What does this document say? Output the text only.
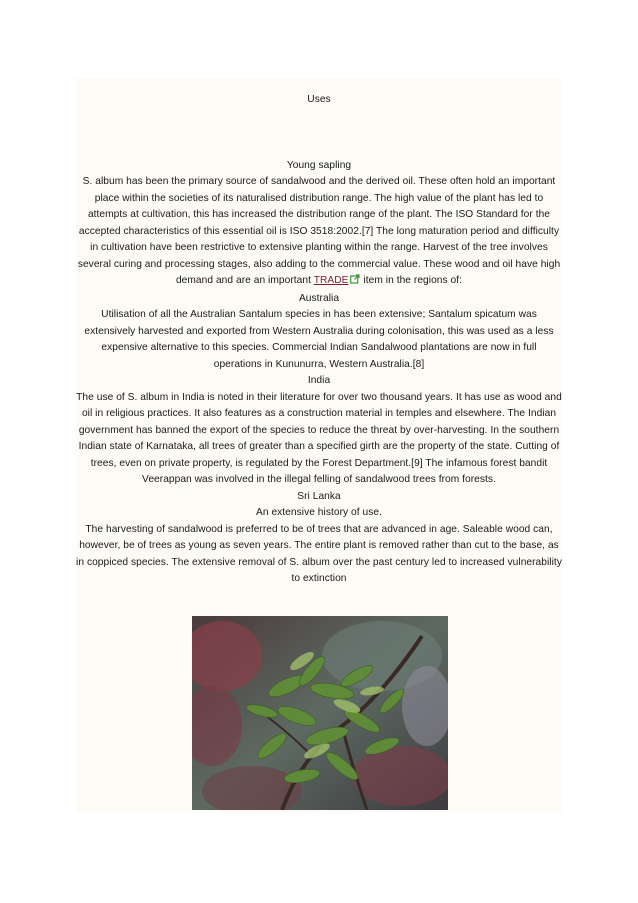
Uses

Young sapling

S. album has been the primary source of sandalwood and the derived oil. These often hold an important place within the societies of its naturalised distribution range. The high value of the plant has led to attempts at cultivation, this has increased the distribution range of the plant. The ISO Standard for the accepted characteristics of this essential oil is ISO 3518:2002.[7] The long maturation period and difficulty in cultivation have been restrictive to extensive planting within the range. Harvest of the tree involves several curing and processing stages, also adding to the commercial value. These wood and oil have high demand and are an important TRADE item in the regions of:

Australia

Utilisation of all the Australian Santalum species in has been extensive; Santalum spicatum was extensively harvested and exported from Western Australia during colonisation, this was used as a less expensive alternative to this species. Commercial Indian Sandalwood plantations are now in full operations in Kununurra, Western Australia.[8]

India

The use of S. album in India is noted in their literature for over two thousand years. It has use as wood and oil in religious practices. It also features as a construction material in temples and elsewhere. The Indian government has banned the export of the species to reduce the threat by over-harvesting. In the southern Indian state of Karnataka, all trees of greater than a specified girth are the property of the state. Cutting of trees, even on private property, is regulated by the Forest Department.[9] The infamous forest bandit Veerappan was involved in the illegal felling of sandalwood trees from forests.

Sri Lanka

An extensive history of use.

The harvesting of sandalwood is preferred to be of trees that are advanced in age. Saleable wood can, however, be of trees as young as seven years. The entire plant is removed rather than cut to the base, as in coppiced species. The extensive removal of S. album over the past century led to increased vulnerability to extinction
